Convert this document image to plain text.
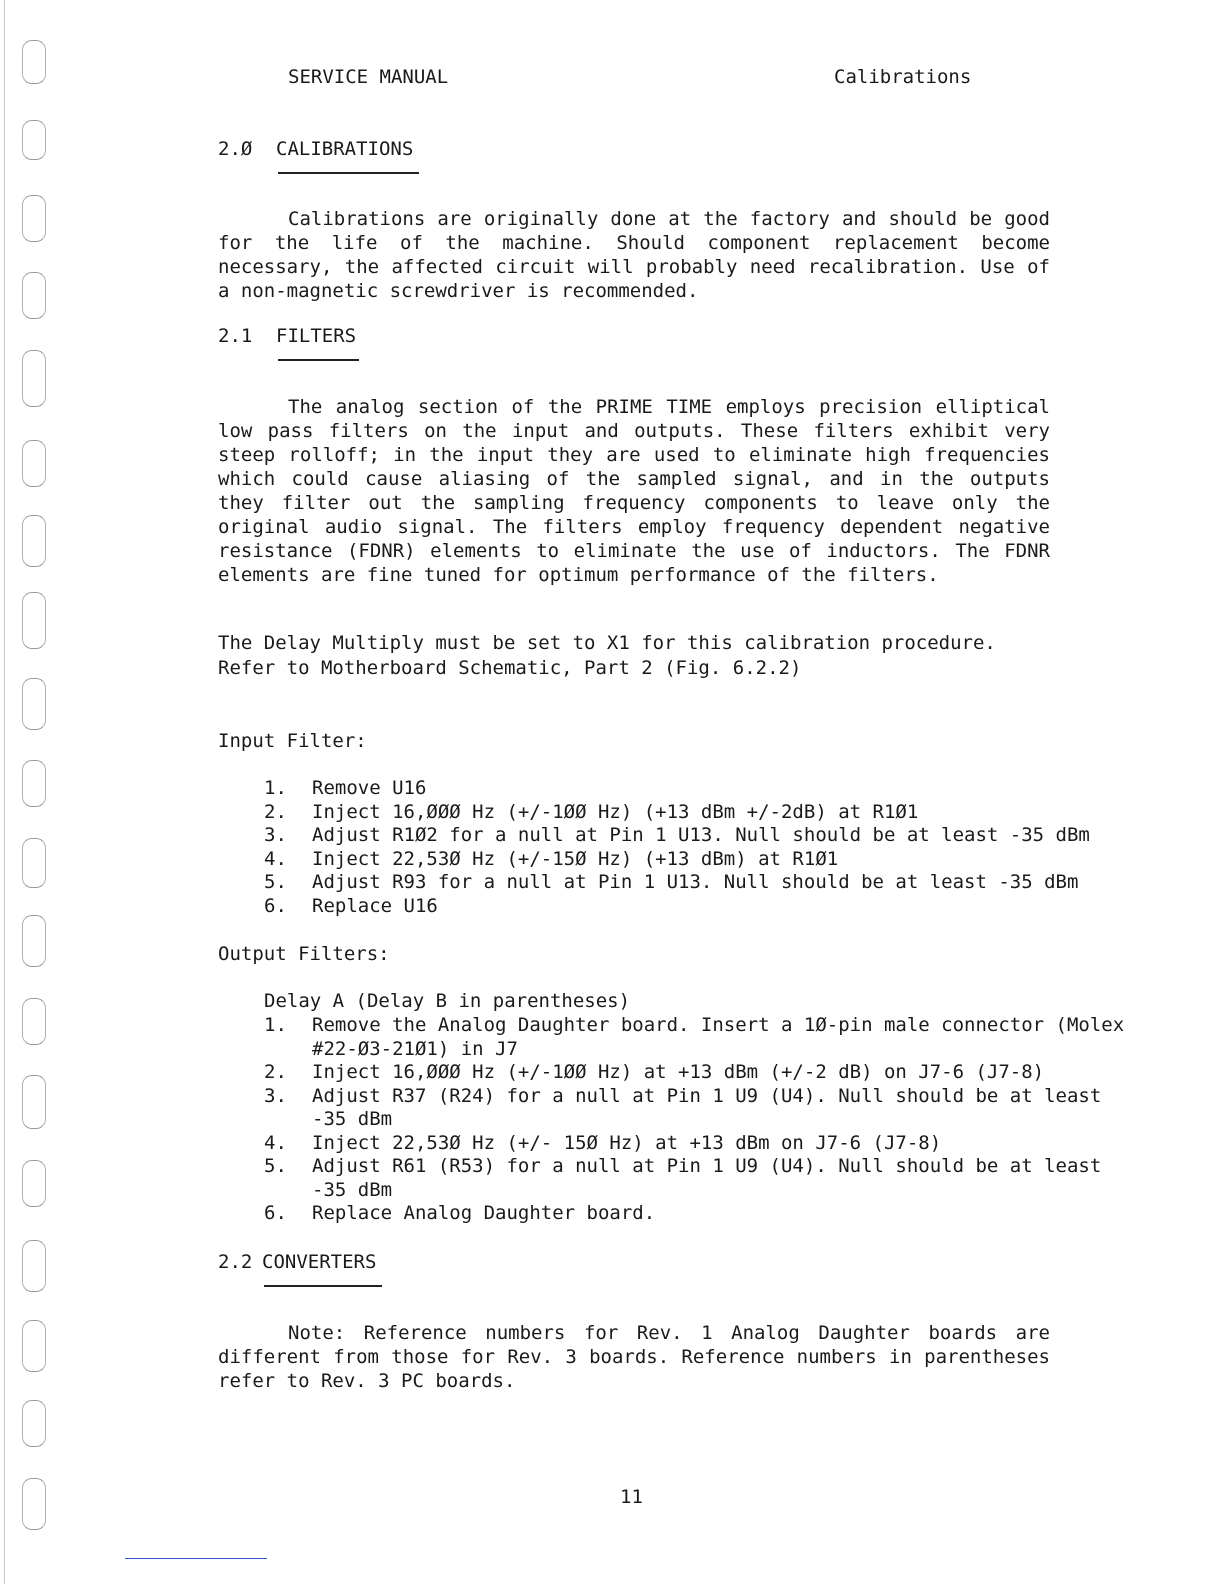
SERVICE MANUAL	Calibrations
2.Ø CALIBRATIONS
Calibrations are originally done at the factory and should be good for the life of the machine. Should component replacement become necessary, the affected circuit will probably need recalibration. Use of a non-magnetic screwdriver is recommended.
2.1 FILTERS
The analog section of the PRIME TIME employs precision elliptical low pass filters on the input and outputs. These filters exhibit very steep rolloff; in the input they are used to eliminate high frequencies which could cause aliasing of the sampled signal, and in the outputs they filter out the sampling frequency components to leave only the original audio signal. The filters employ frequency dependent negative resistance (FDNR) elements to eliminate the use of inductors. The FDNR elements are fine tuned for optimum performance of the filters.
The Delay Multiply must be set to X1 for this calibration procedure.
Refer to Motherboard Schematic, Part 2 (Fig. 6.2.2)
Input Filter:
1.	Remove U16
2.	Inject 16,ØØØ Hz (+/-1ØØ Hz) (+13 dBm +/-2dB) at R1Ø1
3.	Adjust R1Ø2 for a null at Pin 1 U13. Null should be at least -35 dBm
4.	Inject 22,53Ø Hz (+/-15Ø Hz) (+13 dBm) at R1Ø1
5.	Adjust R93 for a null at Pin 1 U13. Null should be at least -35 dBm
6.	Replace U16
Output Filters:
Delay A (Delay B in parentheses)
1.	Remove the Analog Daughter board. Insert a 1Ø-pin male connector (Molex #22-Ø3-21Ø1) in J7
2.	Inject 16,ØØØ Hz (+/-1ØØ Hz) at +13 dBm (+/-2 dB) on J7-6 (J7-8)
3.	Adjust R37 (R24) for a null at Pin 1 U9 (U4). Null should be at least -35 dBm
4.	Inject 22,53Ø Hz (+/- 15Ø Hz) at +13 dBm on J7-6 (J7-8)
5.	Adjust R61 (R53) for a null at Pin 1 U9 (U4). Null should be at least -35 dBm
6.	Replace Analog Daughter board.
2.2 CONVERTERS
Note: Reference numbers for Rev. 1 Analog Daughter boards are different from those for Rev. 3 boards. Reference numbers in parentheses refer to Rev. 3 PC boards.
11
